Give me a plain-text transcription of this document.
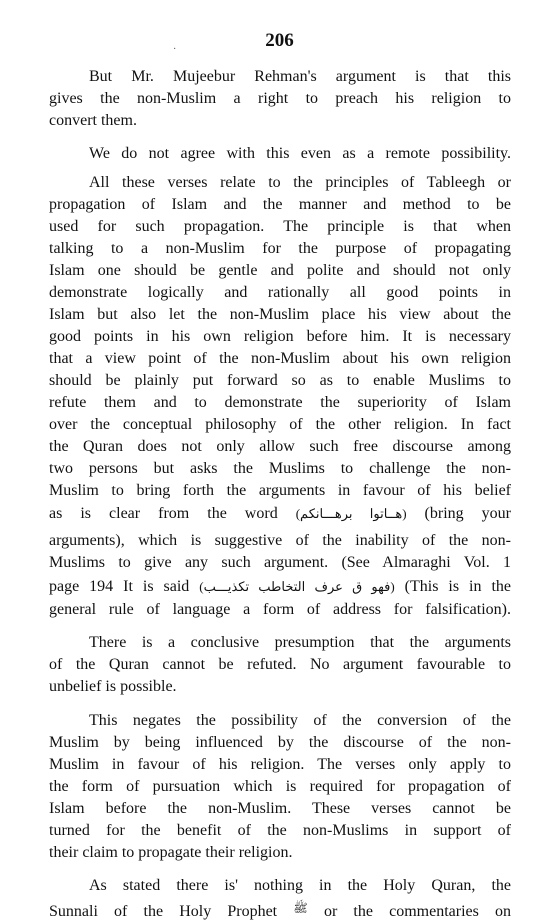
·	206
But Mr. Mujeebur Rehman's argument is that this
gives the non-Muslim a right to preach his religion to
convert them.
We do not agree with this even as a remote possibility.
All these verses relate to the principles of Tableegh or
propagation of Islam and the manner and method to be
used for such propagation. The principle is that when
talking to a non-Muslim for the purpose of propagating
Islam one should be gentle and polite and should not only
demonstrate logically and rationally all good points in
Islam but also let the non-Muslim place his view about the
good points in his own religion before him. It is necessary
that a view point of the non-Muslim about his own religion
should be plainly put forward so as to enable Muslims to
refute them and to demonstrate the superiority of Islam
over the conceptual philosophy of the other religion. In fact
the Quran does not only allow such free discourse among
two persons but asks the Muslims to challenge the non-
Muslim to bring forth the arguments in favour of his belief
as is clear from the word (هــاتوا برهـــانكم) (bring your
arguments), which is suggestive of the inability of the non-
Muslims to give any such argument. (See Almaraghi Vol. 1
page 194 It is said (فهو ق عرف التخاطب تكذيـــب) (This is in the
general rule of language a form of address for falsification).
There is a conclusive presumption that the arguments
of the Quran cannot be refuted. No argument favourable to
unbelief is possible.
This negates the possibility of the conversion of the
Muslim by being influenced by the discourse of the non-
Muslim in favour of his religion. The verses only apply to
the form of pursuation which is required for propagation of
Islam before the non-Muslim. These verses cannot be
turned for the benefit of the non-Muslims in support of
their claim to propagate their religion.
As stated there is' nothing in the Holy Quran, the
Sunnali of the Holy Prophet $^ﷺ$ or the commentaries on
